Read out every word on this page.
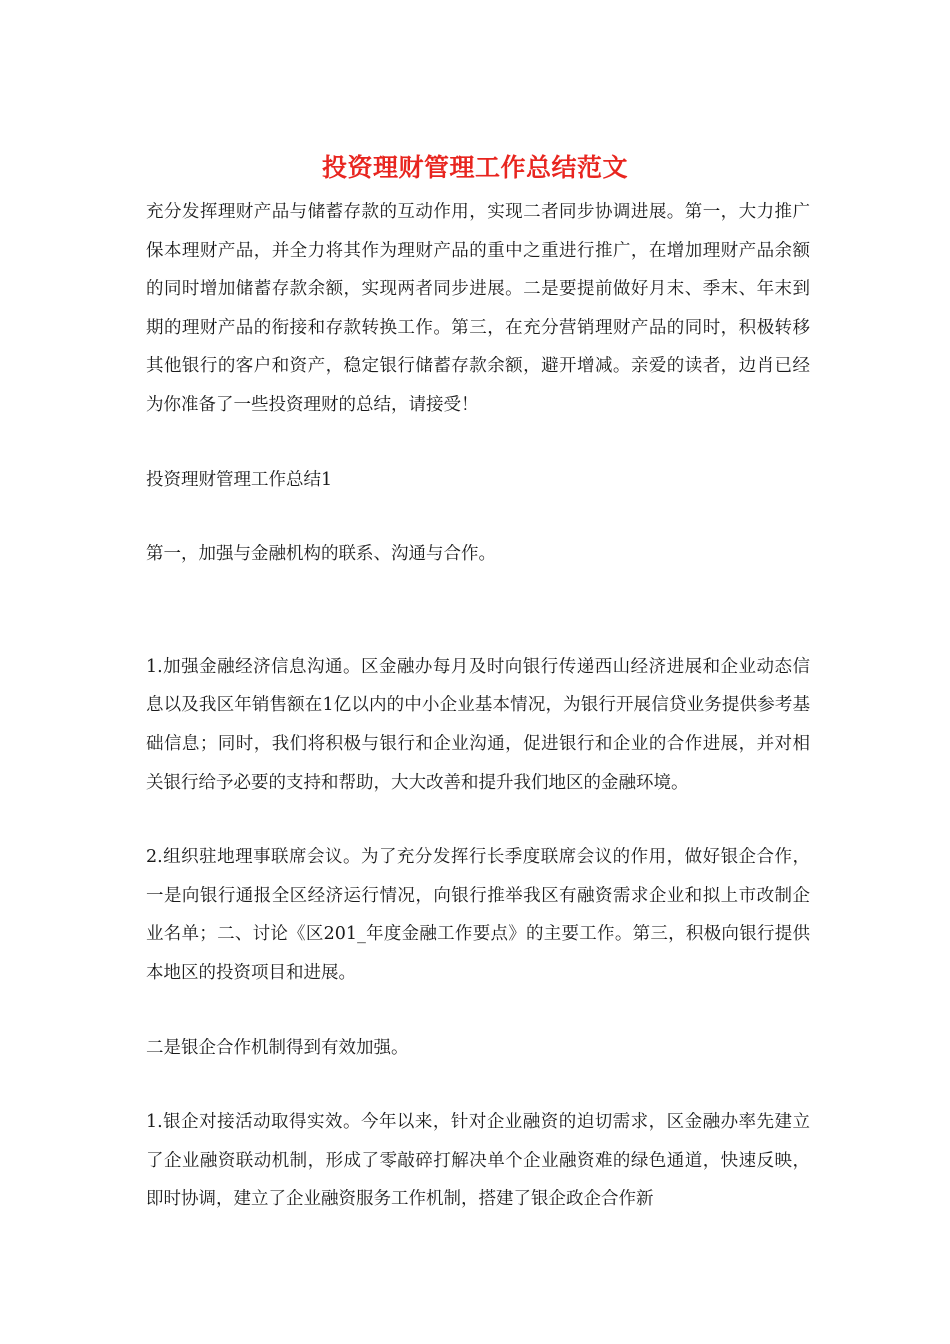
投资理财管理工作总结范文

充分发挥理财产品与储蓄存款的互动作用，实现二者同步协调进展。第一，大力推广保本理财产品，并全力将其作为理财产品的重中之重进行推广，在增加理财产品余额的同时增加储蓄存款余额，实现两者同步进展。二是要提前做好月末、季末、年末到期的理财产品的衔接和存款转换工作。第三，在充分营销理财产品的同时，积极转移其他银行的客户和资产，稳定银行储蓄存款余额，避开增减。亲爱的读者，边肖已经为你准备了一些投资理财的总结，请接受！

投资理财管理工作总结1

第一，加强与金融机构的联系、沟通与合作。

1.加强金融经济信息沟通。区金融办每月及时向银行传递西山经济进展和企业动态信息以及我区年销售额在1亿以内的中小企业基本情况，为银行开展信贷业务提供参考基础信息；同时，我们将积极与银行和企业沟通，促进银行和企业的合作进展，并对相关银行给予必要的支持和帮助，大大改善和提升我们地区的金融环境。

2.组织驻地理事联席会议。为了充分发挥行长季度联席会议的作用，做好银企合作，一是向银行通报全区经济运行情况，向银行推举我区有融资需求企业和拟上市改制企业名单；二、讨论《区201_年度金融工作要点》的主要工作。第三，积极向银行提供本地区的投资项目和进展。

二是银企合作机制得到有效加强。

1.银企对接活动取得实效。今年以来，针对企业融资的迫切需求，区金融办率先建立了企业融资联动机制，形成了零敲碎打解决单个企业融资难的绿色通道，快速反映，即时协调，建立了企业融资服务工作机制，搭建了银企政企合作新
